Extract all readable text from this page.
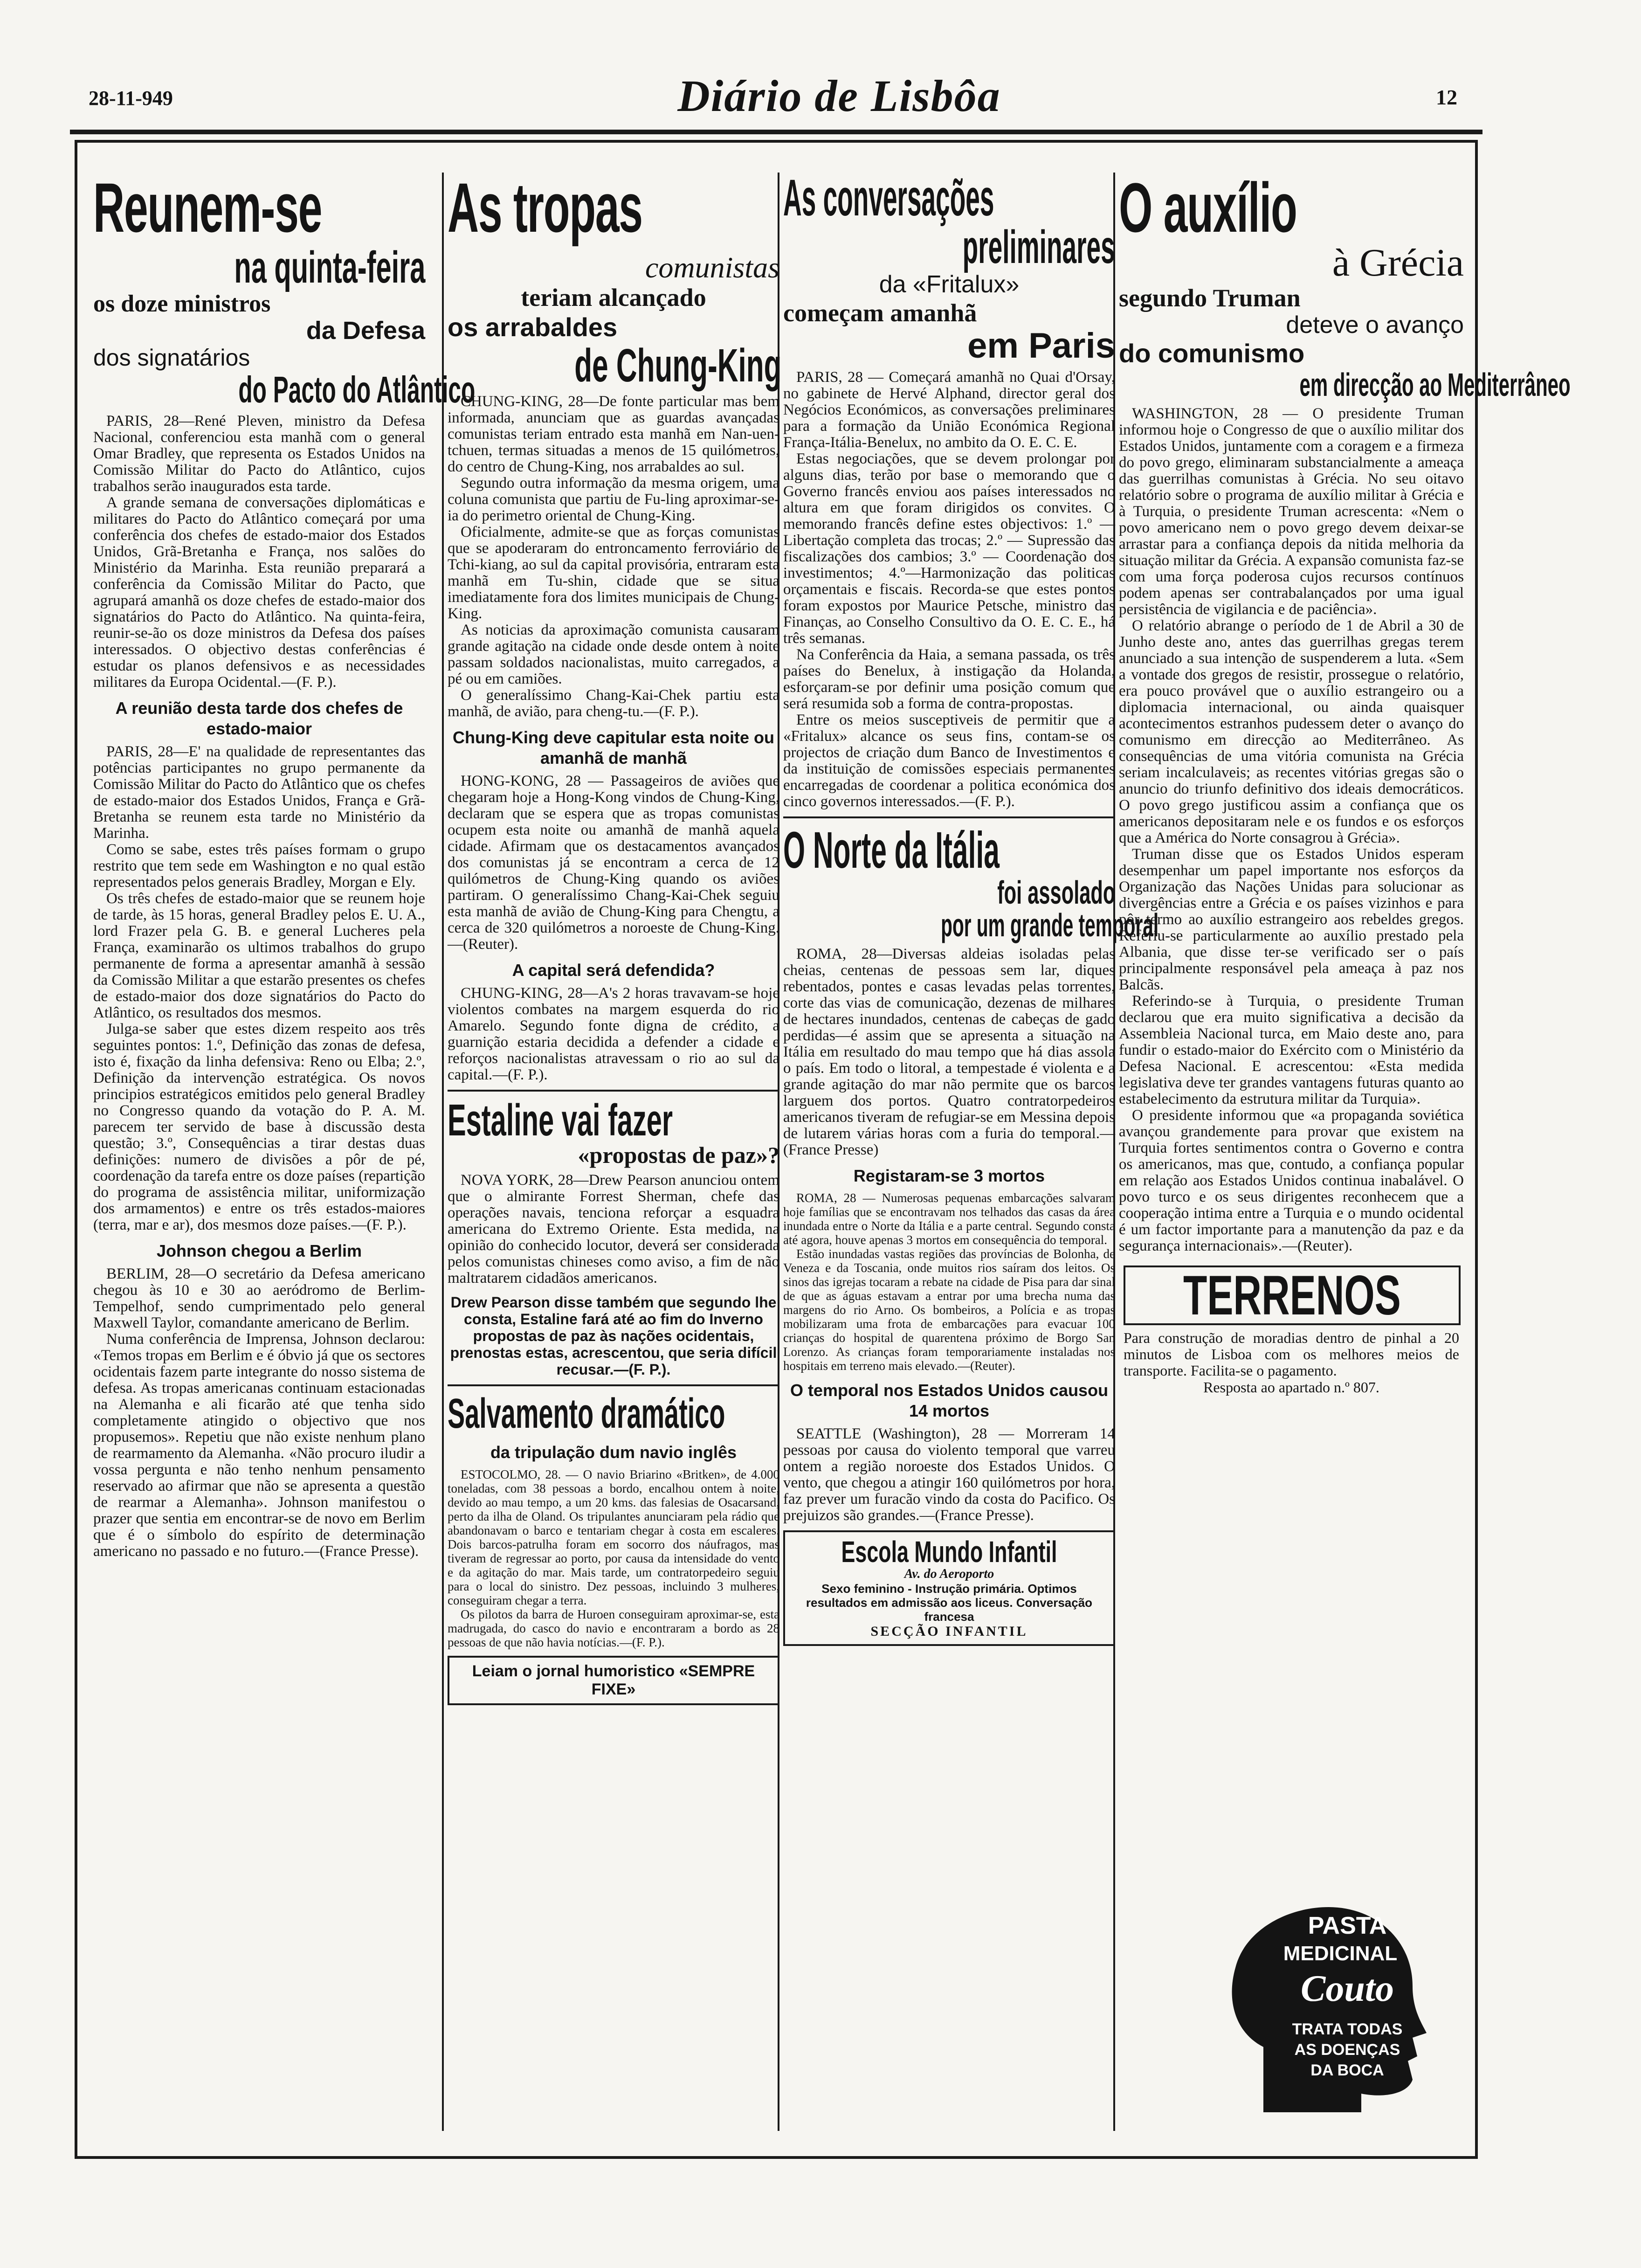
28-11-949	Diário de Lisbôa	12
Reunem-se
na quinta-feira
os doze ministros
da Defesa
dos signatários
do Pacto do Atlântico

PARIS, 28—René Pleven, ministro da Defesa Nacional, conferenciou esta manhã com o general Omar Bradley, que representa os Estados Unidos na Comissão Militar do Pacto do Atlântico, cujos trabalhos serão inaugurados esta tarde.

A grande semana de conversações diplomáticas e militares do Pacto do Atlântico começará por uma conferência dos chefes de estado-maior dos Estados Unidos, Grã-Bretanha e França, nos salões do Ministério da Marinha. Esta reunião preparará a conferência da Comissão Militar do Pacto, que agrupará amanhã os doze chefes de estado-maior dos signatários do Pacto do Atlântico. Na quinta-feira, reunir-se-ão os doze ministros da Defesa dos países interessados. O objectivo destas conferências é estudar os planos defensivos e as necessidades militares da Europa Ocidental.—(F. P.).

A reunião desta tarde dos chefes de estado-maior

PARIS, 28—E' na qualidade de representantes das potências participantes no grupo permanente da Comissão Militar do Pacto do Atlântico que os chefes de estado-maior dos Estados Unidos, França e Grã-Bretanha se reunem esta tarde no Ministério da Marinha.

Como se sabe, estes três países formam o grupo restrito que tem sede em Washington e no qual estão representados pelos generais Bradley, Morgan e Ely.

Os três chefes de estado-maior que se reunem hoje de tarde, às 15 horas, general Bradley pelos E. U. A., lord Frazer pela G. B. e general Lucheres pela França, examinarão os ultimos trabalhos do grupo permanente de forma a apresentar amanhã à sessão da Comissão Militar a que estarão presentes os chefes de estado-maior dos doze signatários do Pacto do Atlântico, os resultados dos mesmos.

Julga-se saber que estes dizem respeito aos três seguintes pontos: 1.º, Definição das zonas de defesa, isto é, fixação da linha defensiva: Reno ou Elba; 2.º, Definição da intervenção estratégica. Os novos principios estratégicos emitidos pelo general Bradley no Congresso quando da votação do P. A. M. parecem ter servido de base à discussão desta questão; 3.º, Consequências a tirar destas duas definições: numero de divisões a pôr de pé, coordenação da tarefa entre os doze países (repartição do programa de assistência militar, uniformização dos armamentos) e entre os três estados-maiores (terra, mar e ar), dos mesmos doze países.—(F. P.).

Johnson chegou a Berlim

BERLIM, 28—O secretário da Defesa americano chegou às 10 e 30 ao aeródromo de Berlim-Tempelhof, sendo cumprimentado pelo general Maxwell Taylor, comandante americano de Berlim.

Numa conferência de Imprensa, Johnson declarou: «Temos tropas em Berlim e é óbvio já que os sectores ocidentais fazem parte integrante do nosso sistema de defesa. As tropas americanas continuam estacionadas na Alemanha e ali ficarão até que tenha sido completamente atingido o objectivo que nos propusemos». Repetiu que não existe nenhum plano de rearmamento da Alemanha. «Não procuro iludir a vossa pergunta e não tenho nenhum pensamento reservado ao afirmar que não se apresenta a questão de rearmar a Alemanha». Johnson manifestou o prazer que sentia em encontrar-se de novo em Berlim que é o símbolo do espírito de determinação americano no passado e no futuro.—(France Presse).

As tropas
comunistas
teriam alcançado
os arrabaldes
de Chung-King

CHUNG-KING, 28—De fonte particular mas bem informada, anunciam que as guardas avançadas comunistas teriam entrado esta manhã em Nan-uen-tchuen, termas situadas a menos de 15 quilómetros, do centro de Chung-King, nos arrabaldes ao sul.

Segundo outra informação da mesma origem, uma coluna comunista que partiu de Fu-ling aproximar-se-ia do perimetro oriental de Chung-King.

Oficialmente, admite-se que as forças comunistas que se apoderaram do entroncamento ferroviário de Tchi-kiang, ao sul da capital provisória, entraram esta manhã em Tu-shin, cidade que se situa imediatamente fora dos limites municipais de Chung-King.

As noticias da aproximação comunista causaram grande agitação na cidade onde desde ontem à noite passam soldados nacionalistas, muito carregados, a pé ou em camiões.

O generalíssimo Chang-Kai-Chek partiu esta manhã, de avião, para cheng-tu.—(F. P.).

Chung-King deve capitular esta noite ou amanhã de manhã

HONG-KONG, 28 — Passageiros de aviões que chegaram hoje a Hong-Kong vindos de Chung-King, declaram que se espera que as tropas comunistas ocupem esta noite ou amanhã de manhã aquela cidade. Afirmam que os destacamentos avançados dos comunistas já se encontram a cerca de 12 quilómetros de Chung-King quando os aviões partiram. O generalíssimo Chang-Kai-Chek seguiu esta manhã de avião de Chung-King para Chengtu, a cerca de 320 quilómetros a noroeste de Chung-King.—(Reuter).

A capital será defendida?

CHUNG-KING, 28—A's 2 horas travavam-se hoje violentos combates na margem esquerda do rio Amarelo. Segundo fonte digna de crédito, a guarnição estaria decidida a defender a cidade e reforços nacionalistas atravessam o rio ao sul da capital.—(F. P.).

Estaline vai fazer
«propostas de paz»?

NOVA YORK, 28—Drew Pearson anunciou ontem que o almirante Forrest Sherman, chefe das operações navais, tenciona reforçar a esquadra americana do Extremo Oriente. Esta medida, na opinião do conhecido locutor, deverá ser considerada pelos comunistas chineses como aviso, a fim de não maltratarem cidadãos americanos.

Drew Pearson disse também que segundo lhe consta, Estaline fará até ao fim do Inverno propostas de paz às nações ocidentais, prenostas estas, acrescentou, que seria difícil recusar.—(F. P.).
Salvamento dramático
da tripulação dum navio inglês

ESTOCOLMO, 28. — O navio Briarino «Britken», de 4.000 toneladas, com 38 pessoas a bordo, encalhou ontem à noite, devido ao mau tempo, a um 20 kms. das falesias de Osacarsand, perto da ilha de Oland. Os tripulantes anunciaram pela rádio que abandonavam o barco e tentariam chegar à costa em escaleres. Dois barcos-patrulha foram em socorro dos náufragos, mas tiveram de regressar ao porto, por causa da intensidade do vento e da agitação do mar. Mais tarde, um contratorpedeiro seguiu para o local do sinistro. Dez pessoas, incluindo 3 mulheres, conseguiram chegar a terra.

Os pilotos da barra de Huroen conseguiram aproximar-se, esta madrugada, do casco do navio e encontraram a bordo as 28 pessoas de que não havia notícias.—(F. P.).

Leiam o jornal humoristico «SEMPRE FIXE»
As conversações
preliminares
da «Fritalux»
começam amanhã
em Paris

PARIS, 28 — Começará amanhã no Quai d'Orsay, no gabinete de Hervé Alphand, director geral dos Negócios Económicos, as conversações preliminares para a formação da União Económica Regional França-Itália-Benelux, no ambito da O. E. C. E.

Estas negociações, que se devem prolongar por alguns dias, terão por base o memorando que o Governo francês enviou aos países interessados no altura em que foram dirigidos os convites. O memorando francês define estes objectivos: 1.º — Libertação completa das trocas; 2.º — Supressão das fiscalizações dos cambios; 3.º — Coordenação dos investimentos; 4.º—Harmonização das politicas orçamentais e fiscais. Recorda-se que estes pontos foram expostos por Maurice Petsche, ministro das Finanças, ao Conselho Consultivo da O. E. C. E., há três semanas.

Na Conferência da Haia, a semana passada, os três países do Benelux, à instigação da Holanda, esforçaram-se por definir uma posição comum que será resumida sob a forma de contra-propostas.

Entre os meios susceptiveis de permitir que a «Fritalux» alcance os seus fins, contam-se os projectos de criação dum Banco de Investimentos e da instituição de comissões especiais permanentes encarregadas de coordenar a politica económica dos cinco governos interessados.—(F. P.).

O Norte da Itália
foi assolado
por um grande temporal

ROMA, 28—Diversas aldeias isoladas pelas cheias, centenas de pessoas sem lar, diques rebentados, pontes e casas levadas pelas torrentes, corte das vias de comunicação, dezenas de milhares de hectares inundados, centenas de cabeças de gado perdidas—é assim que se apresenta a situação na Itália em resultado do mau tempo que há dias assola o país. Em todo o litoral, a tempestade é violenta e a grande agitação do mar não permite que os barcos larguem dos portos. Quatro contratorpedeiros americanos tiveram de refugiar-se em Messina depois de lutarem várias horas com a furia do temporal.—(France Presse)

Registaram-se 3 mortos

ROMA, 28 — Numerosas pequenas embarcações salvaram hoje famílias que se encontravam nos telhados das casas da área inundada entre o Norte da Itália e a parte central. Segundo consta até agora, houve apenas 3 mortos em consequência do temporal.

Estão inundadas vastas regiões das províncias de Bolonha, de Veneza e da Toscania, onde muitos rios saíram dos leitos. Os sinos das igrejas tocaram a rebate na cidade de Pisa para dar sinal de que as águas estavam a entrar por uma brecha numa das margens do rio Arno. Os bombeiros, a Polícia e as tropas mobilizaram uma frota de embarcações para evacuar 100 crianças do hospital de quarentena próximo de Borgo San Lorenzo. As crianças foram temporariamente instaladas nos hospitais em terreno mais elevado.—(Reuter).

O temporal nos Estados Unidos causou 14 mortos

SEATTLE (Washington), 28 — Morreram 14 pessoas por causa do violento temporal que varreu ontem a região noroeste dos Estados Unidos. O vento, que chegou a atingir 160 quilómetros por hora, faz prever um furacão vindo da costa do Pacifico. Os prejuizos são grandes.—(France Presse).

Escola Mundo Infantil
Av. do Aeroporto
Sexo feminino - Instrução primária. Optimos resultados em admissão aos liceus. Conversação francesa
SECÇÃO INFANTIL
O auxílio
à Grécia
segundo Truman
deteve o avanço
do comunismo
em direcção ao Mediterrâneo

WASHINGTON, 28 — O presidente Truman informou hoje o Congresso de que o auxílio militar dos Estados Unidos, juntamente com a coragem e a firmeza do povo grego, eliminaram substancialmente a ameaça das guerrilhas comunistas à Grécia. No seu oitavo relatório sobre o programa de auxílio militar à Grécia e à Turquia, o presidente Truman acrescenta: «Nem o povo americano nem o povo grego devem deixar-se arrastar para a confiança depois da nitida melhoria da situação militar da Grécia. A expansão comunista faz-se com uma força poderosa cujos recursos contínuos podem apenas ser contrabalançados por uma igual persistência de vigilancia e de paciência».

O relatório abrange o período de 1 de Abril a 30 de Junho deste ano, antes das guerrilhas gregas terem anunciado a sua intenção de suspenderem a luta. «Sem a vontade dos gregos de resistir, prossegue o relatório, era pouco provável que o auxílio estrangeiro ou a diplomacia internacional, ou ainda quaisquer acontecimentos estranhos pudessem deter o avanço do comunismo em direcção ao Mediterrâneo. As consequências de uma vitória comunista na Grécia seriam incalculaveis; as recentes vitórias gregas são o anuncio do triunfo definitivo dos ideais democráticos. O povo grego justificou assim a confiança que os americanos depositaram nele e os fundos e os esforços que a América do Norte consagrou à Grécia».

Truman disse que os Estados Unidos esperam desempenhar um papel importante nos esforços da Organização das Nações Unidas para solucionar as divergências entre a Grécia e os países vizinhos e para pôr termo ao auxílio estrangeiro aos rebeldes gregos. Referiu-se particularmente ao auxílio prestado pela Albania, que disse ter-se verificado ser o país principalmente responsável pela ameaça à paz nos Balcãs.

Referindo-se à Turquia, o presidente Truman declarou que era muito significativa a decisão da Assembleia Nacional turca, em Maio deste ano, para fundir o estado-maior do Exército com o Ministério da Defesa Nacional. E acrescentou: «Esta medida legislativa deve ter grandes vantagens futuras quanto ao estabelecimento da estrutura militar da Turquia».

O presidente informou que «a propaganda soviética avançou grandemente para provar que existem na Turquia fortes sentimentos contra o Governo e contra os americanos, mas que, contudo, a confiança popular em relação aos Estados Unidos continua inabalável. O povo turco e os seus dirigentes reconhecem que a cooperação intima entre a Turquia e o mundo ocidental é um factor importante para a manutenção da paz e da segurança internacionais».—(Reuter).

TERRENOS
Para construção de moradias dentro de pinhal a 20 minutos de Lisboa com os melhores meios de transporte. Facilita-se o pagamento.
Resposta ao apartado n.º 807.
PASTA
MEDICINAL
Couto
TRATA TODAS AS DOENÇAS DA BOCA
